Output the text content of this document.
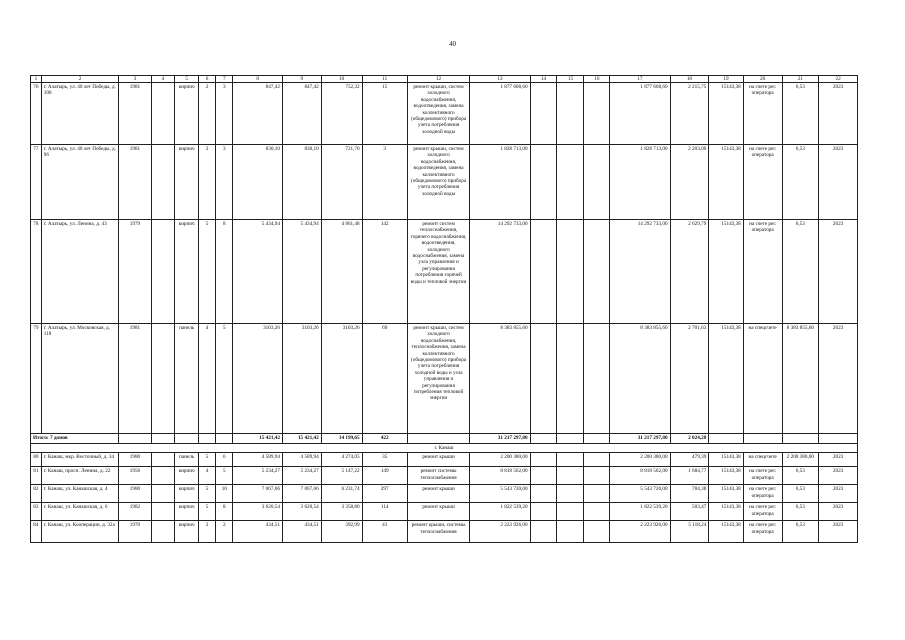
40
1	2	3	4	5	6	7	8	9	10	11	12	13	14	15	16	17	18	19	20	21	22
76	г. Алатырь, ул. 40 лет Победы, д. 108	1981		кирпич	2	3	847,42	847,42	752,32	15	ремонт крыши, систем холодного водоснабжения, водоотведения, замена коллективного (общедомового) прибора учета потребления холодной воды	1 877 668,60				1 877 668,60	2 215,75	15143,38	на счете рег. оператора	6,53	2023
77	г. Алатырь, ул. 40 лет Победы, д. 96	1981		кирпич	2	3	830,10	830,10	721,70	3	ремонт крыши, систем холодного водоснабжения, водоотведения, замена коллективного (общедомового) прибора учета потребления холодной воды	1 828 713,00				1 828 713,00	2 203,00	15143,38	на счете рег. оператора	6,53	2023
78	г. Алатырь, ул. Ленина, д. 43	1979		кирпич	5	8	5 434,94	5 434,94	4 861,48	142	ремонт систем теплоснабжения, горячего водоснабжения, водоотведения, холодного водоснабжения, замена узла управления и регулирования потребления горячей воды и тепловой энергии	14 292 733,00				14 292 733,00	2 629,79	15143,38	на счете рег. оператора	6,53	2023
79	г. Алатырь, ул. Московская, д. 118	1981		панель	4	5	3103,26	3103,26	3103,26	69	ремонт крыши, систем холодного водоснабжения, теплоснабжения, замена коллективного (общедомового) прибора учета потребления холодной воды и узла управления и регулирования потребления тепловой энергии	8 383 855,60				8 383 855,60	2 701,63	15143,38	на спецсчете	8 383 855,60	2023
Итого: 7 домов							15 421,42	15 421,42	14 199,65	422		31 217 297,80				31 217 297,80	2 024,28				
г. Канаш																					
80	г. Канаш, мкр. Восточный, д. 34	1980		панель	5	6	4 589,94	4 589,94	4 274,05	35	ремонт крыши	2 200 380,00				2 200 380,00	479,39	15143,38	на спецсчете	2 200 380,00	2023
81	г. Канаш, просп. Ленина, д. 22	1956		кирпич	4	5	5 234,27	5 234,27	5 147,22	149	ремонт системы теплоснабжения	8 818 562,00				8 818 562,00	1 684,77	15143,38	на счете рег. оператора	6,53	2023
82	г. Канаш, ул. Канашская, д. 4	1980		кирпич	5	10	7 067,66	7 067,66	6 231,74	297	ремонт крыши	5 543 720,00				5 543 720,00	784,38	15143,38	на счете рег. оператора	6,53	2023
83	г. Канаш, ул. Канашская, д. 6	1982		кирпич	5	8	3 620,54	3 620,54	3 358,80	114	ремонт крыши	1 822 539,20				1 822 539,20	503,47	15143,38	на счете рег. оператора	6,53	2023
84	г. Канаш, ул. Кооперации, д. 32а	1970		кирпич	2	2	434,51	434,51	392,99	41	ремонт крыши, системы теплоснабжения	2 223 926,00				2 223 926,00	5 118,24	15143,38	на счете рег. оператора	6,53	2023
